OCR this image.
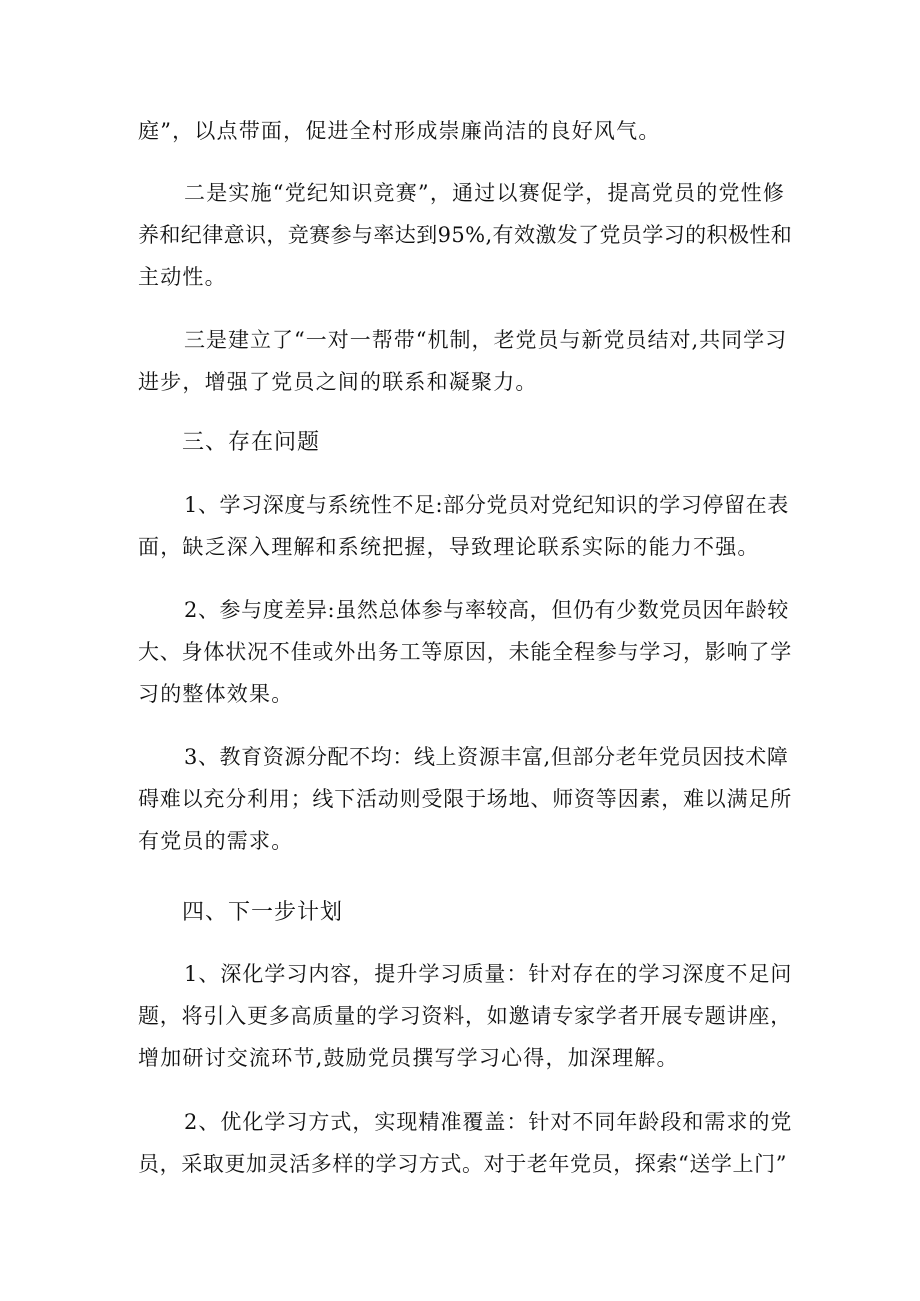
庭”，以点带面，促进全村形成崇廉尚洁的良好风气。
二是实施“党纪知识竞赛”，通过以赛促学，提高党员的党性修
养和纪律意识，竞赛参与率达到95%,有效激发了党员学习的积极性和
主动性。
三是建立了“一对一帮带“机制，老党员与新党员结对,共同学习
进步，增强了党员之间的联系和凝聚力。
三、存在问题
1、学习深度与系统性不足:部分党员对党纪知识的学习停留在表
面，缺乏深入理解和系统把握，导致理论联系实际的能力不强。
2、参与度差异:虽然总体参与率较高，但仍有少数党员因年龄较
大、身体状况不佳或外出务工等原因，未能全程参与学习，影响了学
习的整体效果。
3、教育资源分配不均：线上资源丰富,但部分老年党员因技术障
碍难以充分利用；线下活动则受限于场地、师资等因素，难以满足所
有党员的需求。
四、下一步计划
1、深化学习内容，提升学习质量：针对存在的学习深度不足问
题，将引入更多高质量的学习资料，如邀请专家学者开展专题讲座，
增加研讨交流环节,鼓励党员撰写学习心得，加深理解。
2、优化学习方式，实现精准覆盖：针对不同年龄段和需求的党
员，采取更加灵活多样的学习方式。对于老年党员，探索“送学上门”
